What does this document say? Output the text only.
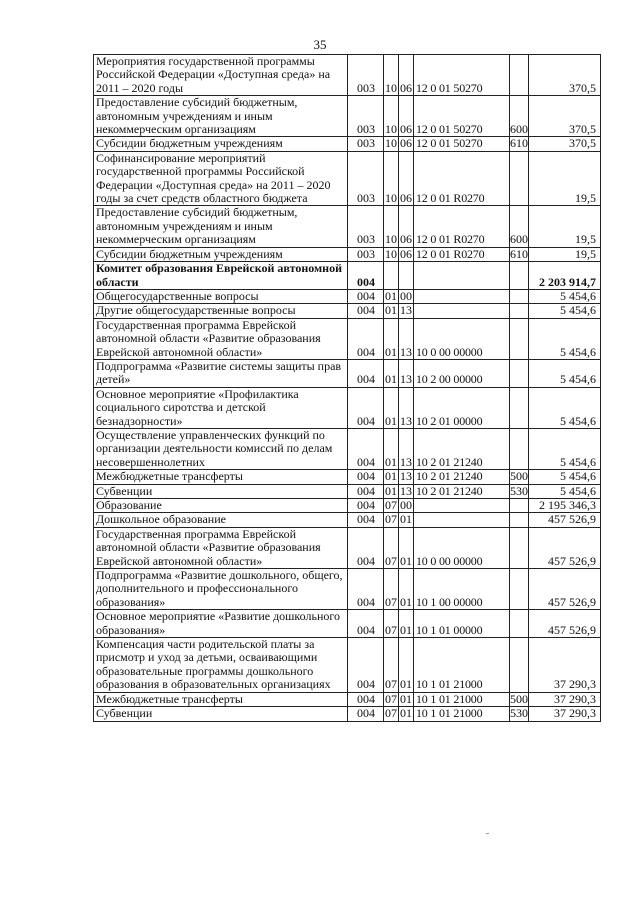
35
Мероприятия государственной программы Российской Федерации «Доступная среда» на 2011 – 2020 годы	003	10	06	12 0 01 50270		370,5
Предоставление субсидий бюджетным, автономным учреждениям и иным некоммерческим организациям	003	10	06	12 0 01 50270	600	370,5
Субсидии бюджетным учреждениям	003	10	06	12 0 01 50270	610	370,5
Софинансирование мероприятий государственной программы Российской Федерации «Доступная среда» на 2011 – 2020 годы за счет средств областного бюджета	003	10	06	12 0 01 R0270		19,5
Предоставление субсидий бюджетным, автономным учреждениям и иным некоммерческим организациям	003	10	06	12 0 01 R0270	600	19,5
Субсидии бюджетным учреждениям	003	10	06	12 0 01 R0270	610	19,5
Комитет образования Еврейской автономной области	004					2 203 914,7
Общегосударственные вопросы	004	01	00			5 454,6
Другие общегосударственные вопросы	004	01	13			5 454,6
Государственная программа Еврейской автономной области «Развитие образования Еврейской автономной области»	004	01	13	10 0 00 00000		5 454,6
Подпрограмма «Развитие системы защиты прав детей»	004	01	13	10 2 00 00000		5 454,6
Основное мероприятие «Профилактика социального сиротства и детской безнадзорности»	004	01	13	10 2 01 00000		5 454,6
Осуществление управленческих функций по организации деятельности комиссий по делам несовершеннолетних	004	01	13	10 2 01 21240		5 454,6
Межбюджетные трансферты	004	01	13	10 2 01 21240	500	5 454,6
Субвенции	004	01	13	10 2 01 21240	530	5 454,6
Образование	004	07	00			2 195 346,3
Дошкольное образование	004	07	01			457 526,9
Государственная программа Еврейской автономной области «Развитие образования Еврейской автономной области»	004	07	01	10 0 00 00000		457 526,9
Подпрограмма «Развитие дошкольного, общего, дополнительного и профессионального образования»	004	07	01	10 1 00 00000		457 526,9
Основное мероприятие «Развитие дошкольного образования»	004	07	01	10 1 01 00000		457 526,9
Компенсация части родительской платы за присмотр и уход за детьми, осваивающими образовательные программы дошкольного образования в образовательных организациях	004	07	01	10 1 01 21000		37 290,3
Межбюджетные трансферты	004	07	01	10 1 01 21000	500	37 290,3
Субвенции	004	07	01	10 1 01 21000	530	37 290,3
